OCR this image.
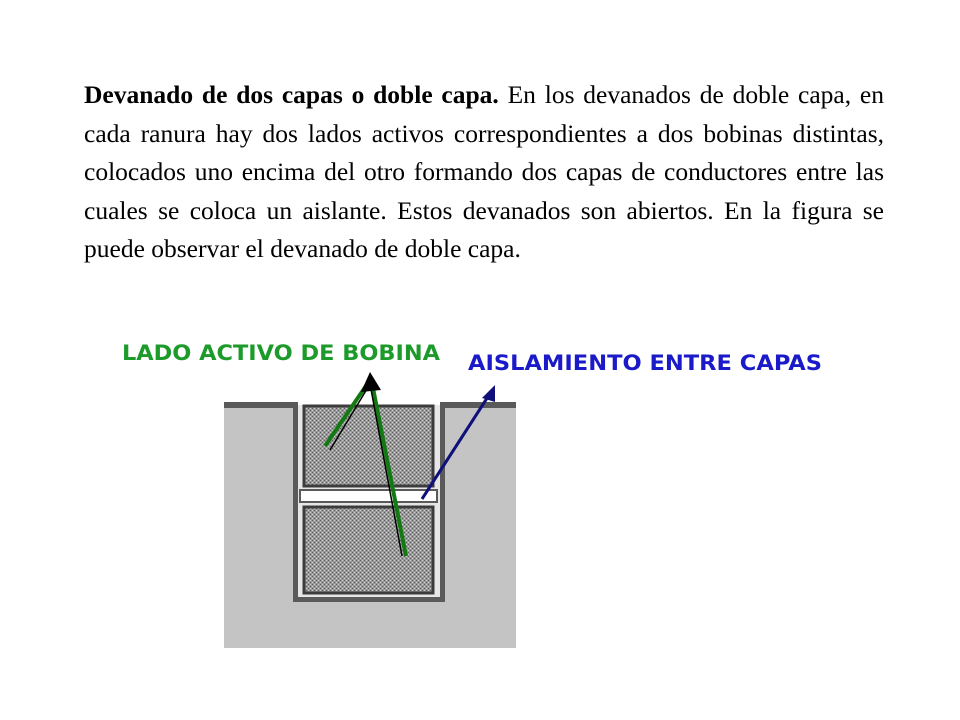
Devanado de dos capas o doble capa. En los devanados de doble capa, en cada ranura hay dos lados activos correspondientes a dos bobinas distintas, colocados uno encima del otro formando dos capas de conductores entre las cuales se coloca un aislante. Estos devanados son abiertos. En la figura se puede observar el devanado de doble capa.

LADO ACTIVO DE BOBINA AISLAMIENTO ENTRE CAPAS
